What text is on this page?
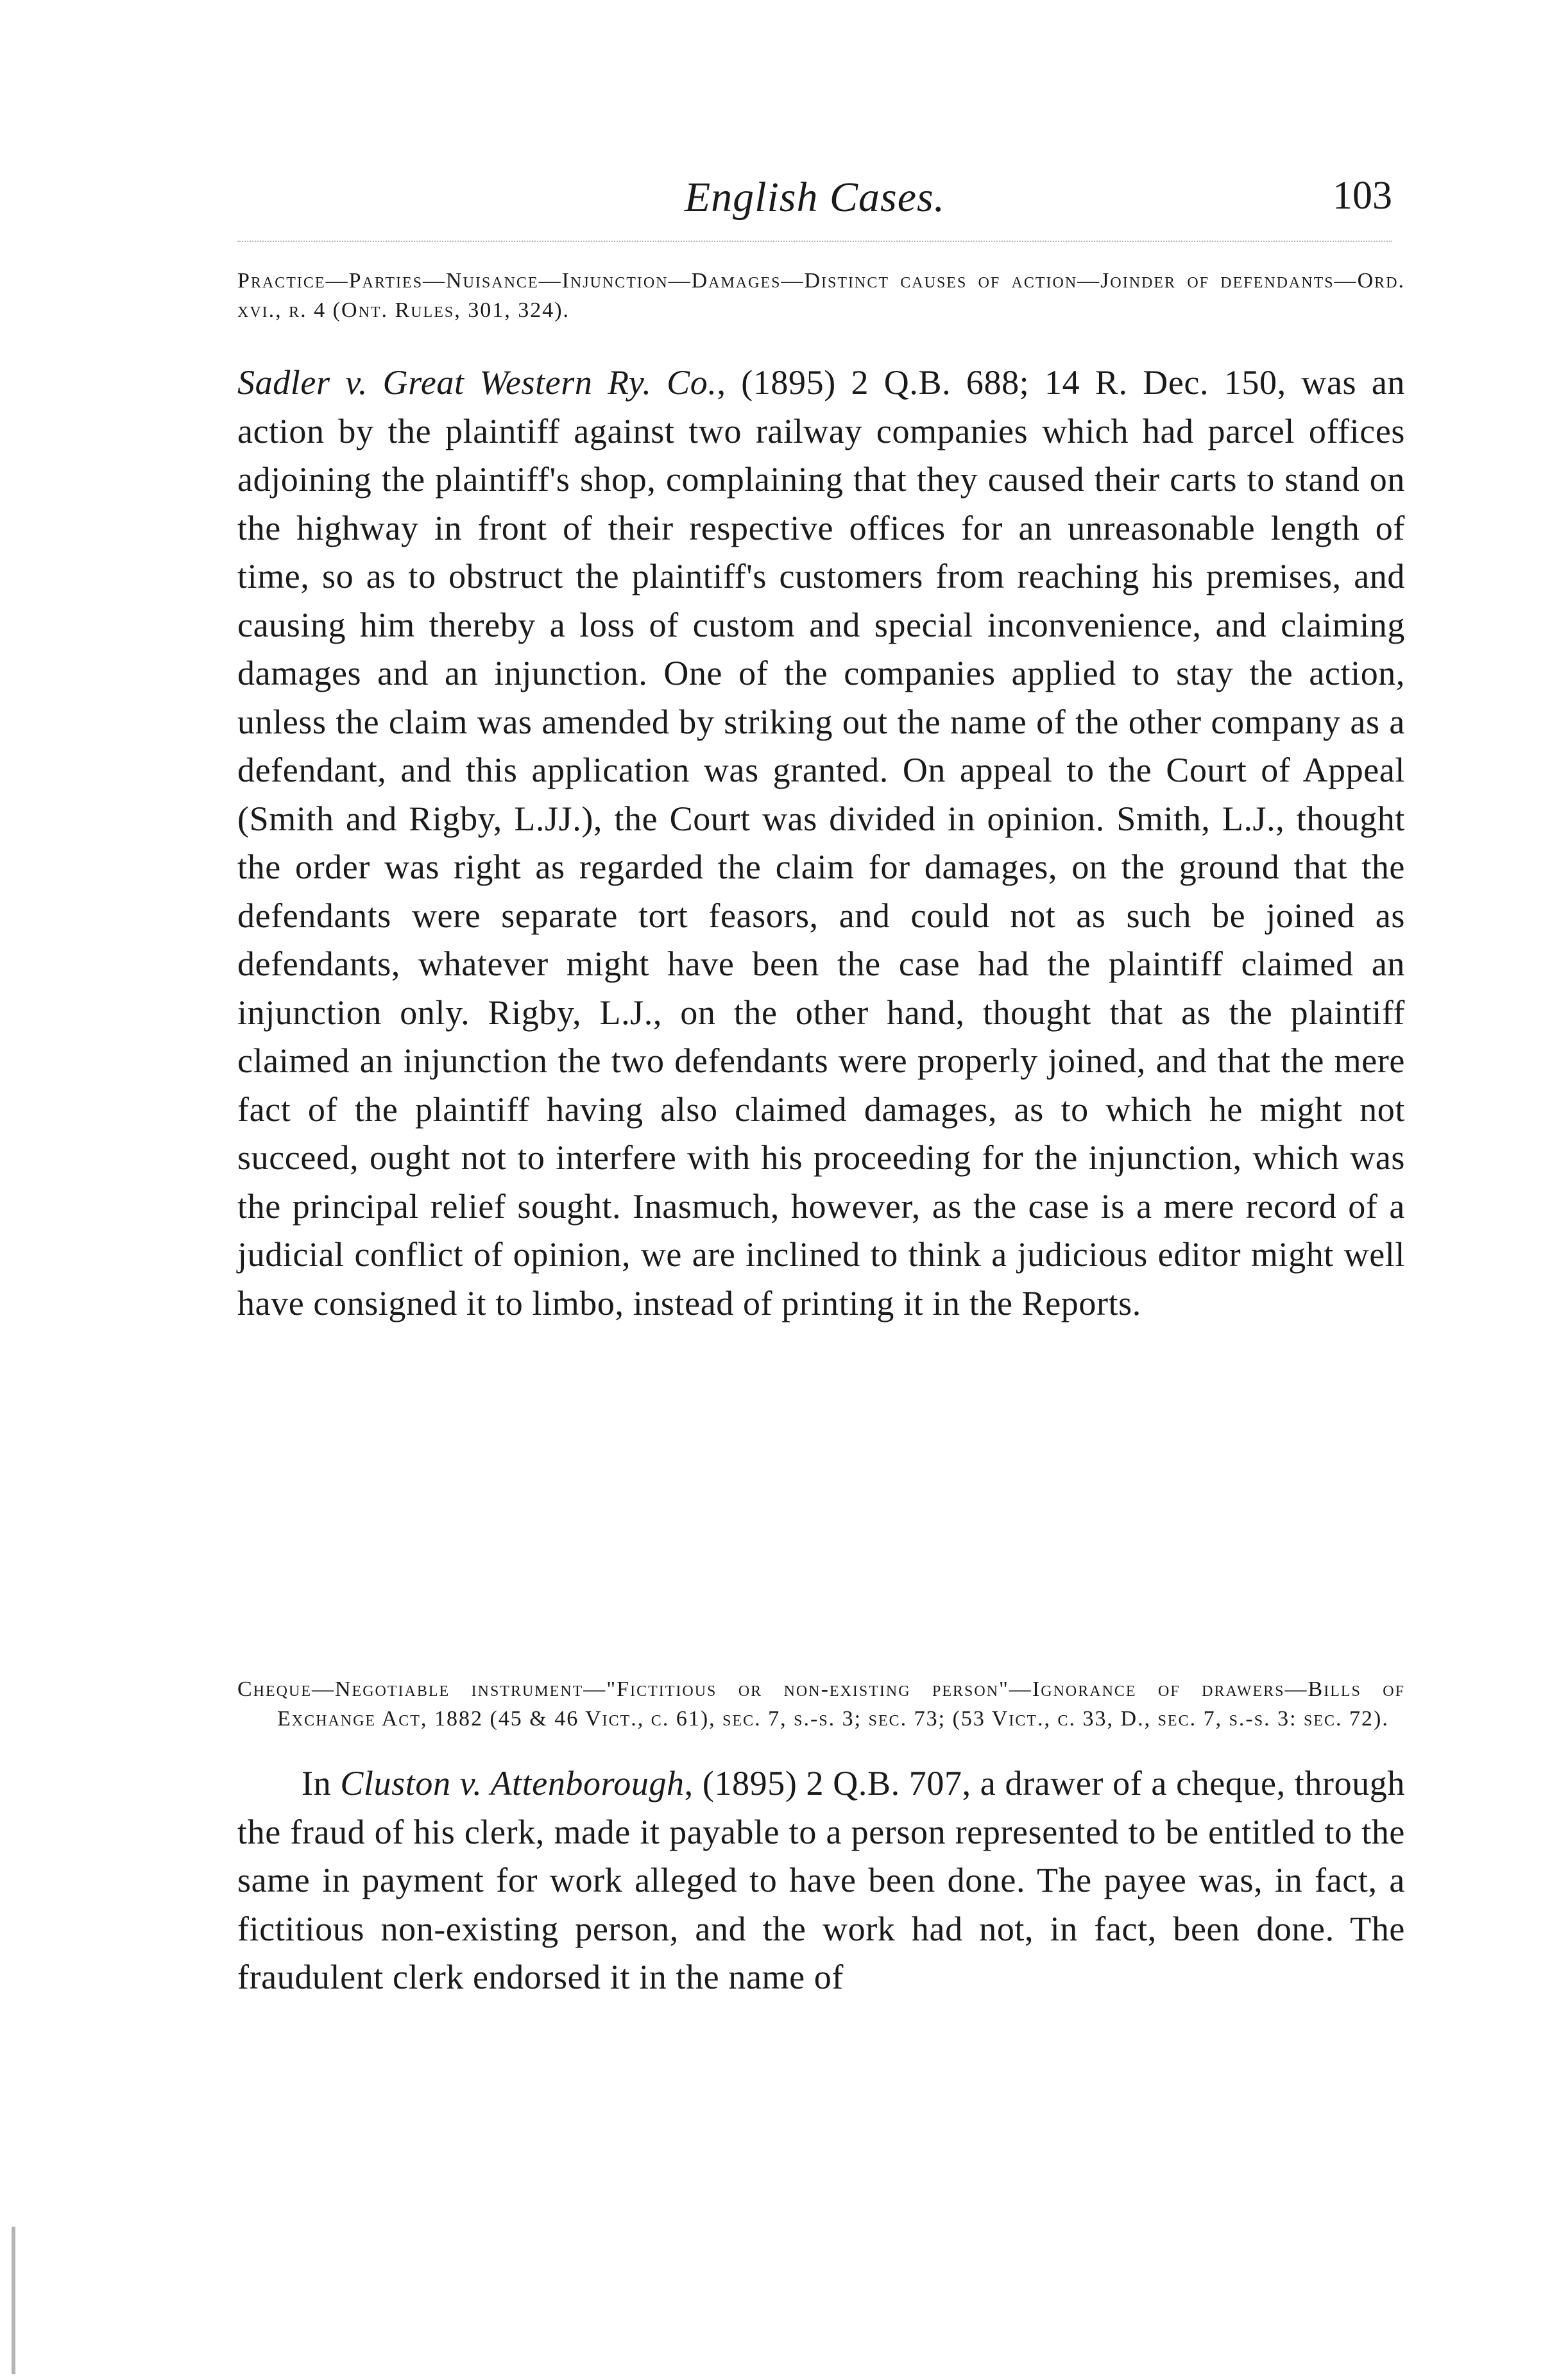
English Cases.	103

Practice—Parties—Nuisance—Injunction—Damages—Distinct causes of action—Joinder of defendants—Ord. xvi., r. 4 (Ont. Rules, 301, 324).

Sadler v. Great Western Ry. Co., (1895) 2 Q.B. 688; 14 R. Dec. 150, was an action by the plaintiff against two railway companies which had parcel offices adjoining the plaintiff's shop, complaining that they caused their carts to stand on the highway in front of their respective offices for an unreasonable length of time, so as to obstruct the plaintiff's customers from reaching his premises, and causing him thereby a loss of custom and special inconvenience, and claiming damages and an injunction. One of the companies applied to stay the action, unless the claim was amended by striking out the name of the other company as a defendant, and this application was granted. On appeal to the Court of Appeal (Smith and Rigby, L.JJ.), the Court was divided in opinion. Smith, L.J., thought the order was right as regarded the claim for damages, on the ground that the defendants were separate tort feasors, and could not as such be joined as defendants, whatever might have been the case had the plaintiff claimed an injunction only. Rigby, L.J., on the other hand, thought that as the plaintiff claimed an injunction the two defendants were properly joined, and that the mere fact of the plaintiff having also claimed damages, as to which he might not succeed, ought not to interfere with his proceeding for the injunction, which was the principal relief sought. Inasmuch, however, as the case is a mere record of a judicial conflict of opinion, we are inclined to think a judicious editor might well have consigned it to limbo, instead of printing it in the Reports.

Cheque—Negotiable instrument—"Fictitious or non-existing person"—Ignorance of drawers—Bills of Exchange Act, 1882 (45 & 46 Vict., c. 61), sec. 7, s.-s. 3; sec. 73; (53 Vict., c. 33, D., sec. 7, s.-s. 3: sec. 72).

In Cluston v. Attenborough, (1895) 2 Q.B. 707, a drawer of a cheque, through the fraud of his clerk, made it payable to a person represented to be entitled to the same in payment for work alleged to have been done. The payee was, in fact, a fictitious non-existing person, and the work had not, in fact, been done. The fraudulent clerk endorsed it in the name of
